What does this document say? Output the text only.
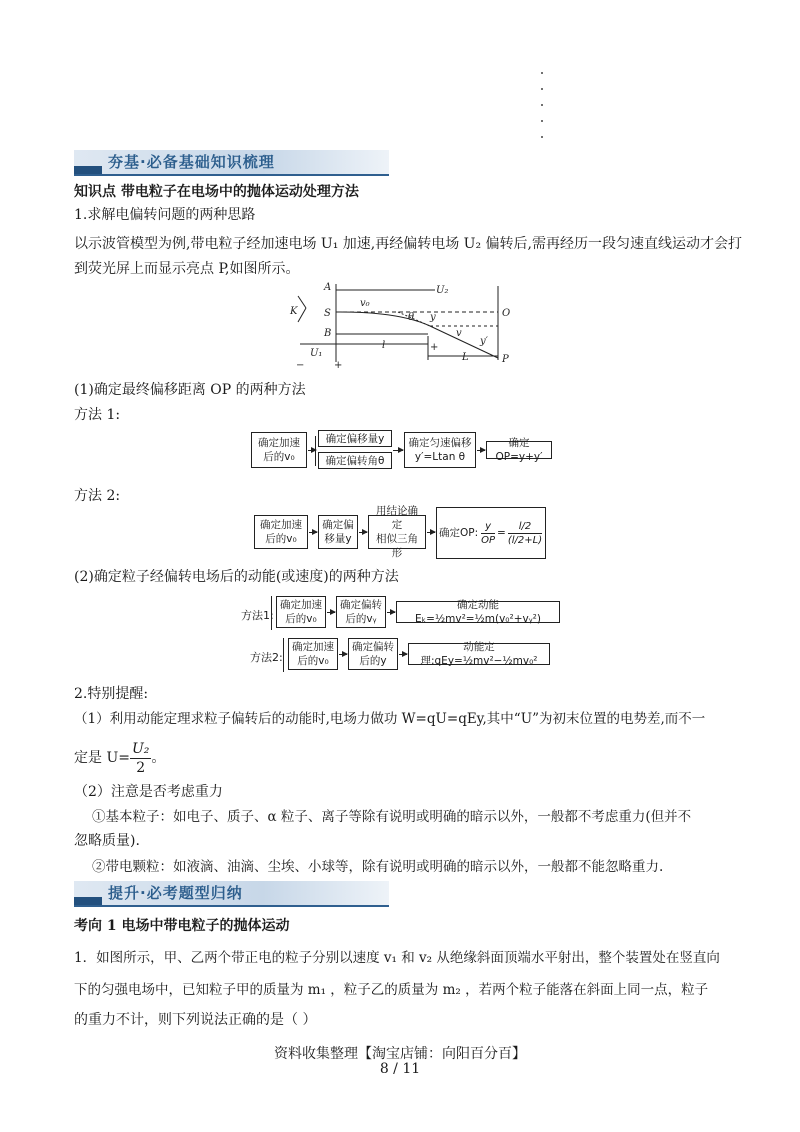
夯基·必备基础知识梳理
知识点 带电粒子在电场中的抛体运动处理方法
1.求解电偏转问题的两种思路
以示波管模型为例,带电粒子经加速电场 U₁ 加速,再经偏转电场 U₂ 偏转后,需再经历一段匀速直线运动才会打
到荧光屏上而显示亮点 P,如图所示。
K
A
S
B
O
P
U₂
U₁
v₀
θ y
y′
v
l
L
−	+
+
(1)确定最终偏移距离 OP 的两种方法
方法 1:
确定加速
后的v₀
确定偏移量y
确定偏转角θ
确定匀速偏移
y′=Ltan θ
确定OP=y+y′
方法 2:
确定加速
后的v₀
确定偏
移量y
用结论确定
相似三角形
确定OP: $\frac{y}{OP} = \frac{l/2}{(l/2+L)}$
(2)确定粒子经偏转电场后的动能(或速度)的两种方法
方法1:
确定加速
后的v₀
确定偏转
后的vᵧ
确定动能Eₖ=½mv²=½m(v₀²+vᵧ²)
方法2:
确定加速
后的v₀
确定偏转
后的y
动能定理:qEy=½mv²−½mv₀²
2.特别提醒:
（1）利用动能定理求粒子偏转后的动能时,电场力做功 W=qU=qEy,其中“U”为初末位置的电势差,而不一
定是 $U= \frac{\text{U₂}}{2}$ 。
（2）注意是否考虑重力
①基本粒子：如电子、质子、α 粒子、离子等除有说明或明确的暗示以外，一般都不考虑重力(但并不
忽略质量).
②带电颗粒：如液滴、油滴、尘埃、小球等，除有说明或明确的暗示以外，一般都不能忽略重力.
提升·必考题型归纳
考向 1 电场中带电粒子的抛体运动
1．如图所示，甲、乙两个带正电的粒子分别以速度 v₁ 和 v₂ 从绝缘斜面顶端水平射出，整个装置处在竖直向
下的匀强电场中，已知粒子甲的质量为 m₁ ，粒子乙的质量为 m₂ ，若两个粒子能落在斜面上同一点，粒子
的重力不计，则下列说法正确的是（ ）
资料收集整理【淘宝店铺：向阳百分百】
8 / 11
